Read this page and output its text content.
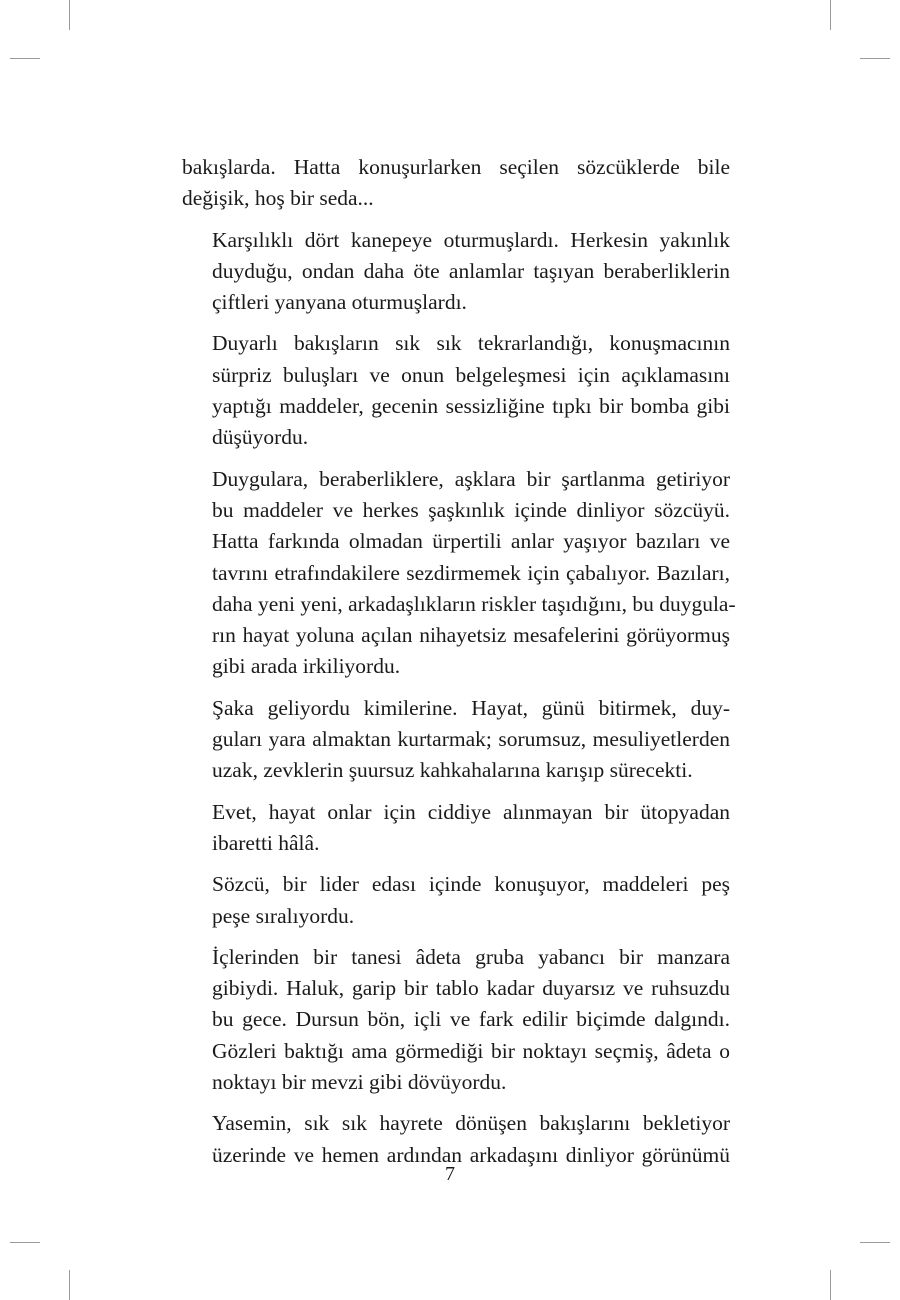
bakışlarda. Hatta konuşurlarken seçilen sözcüklerde bile
değişik, hoş bir seda...

Karşılıklı dört kanepeye oturmuşlardı. Herkesin yakınlık
duyduğu, ondan daha öte anlamlar taşıyan beraberliklerin
çiftleri yanyana oturmuşlardı.

Duyarlı bakışların sık sık tekrarlandığı, konuşmacının
sürpriz buluşları ve onun belgeleşmesi için açıklamasını
yaptığı maddeler, gecenin sessizliğine tıpkı bir bomba gibi
düşüyordu.

Duygulara, beraberliklere, aşklara bir şartlanma getiriyor
bu maddeler ve herkes şaşkınlık içinde dinliyor sözcüyü.
Hatta farkında olmadan ürpertili anlar yaşıyor bazıları ve
tavrını etrafındakilere sezdirmemek için çabalıyor. Bazıları,
daha yeni yeni, arkadaşlıkların riskler taşıdığını, bu duygula-
rın hayat yoluna açılan nihayetsiz mesafelerini görüyormuş
gibi arada irkiliyordu.

Şaka geliyordu kimilerine. Hayat, günü bitirmek, duy-
guları yara almaktan kurtarmak; sorumsuz, mesuliyetlerden
uzak, zevklerin şuursuz kahkahalarına karışıp sürecekti.

Evet, hayat onlar için ciddiye alınmayan bir ütopyadan
ibaretti hâlâ.

Sözcü, bir lider edası içinde konuşuyor, maddeleri peş
peşe sıralıyordu.

İçlerinden bir tanesi âdeta gruba yabancı bir manzara
gibiydi. Haluk, garip bir tablo kadar duyarsız ve ruhsuzdu
bu gece. Dursun bön, içli ve fark edilir biçimde dalgındı.
Gözleri baktığı ama görmediği bir noktayı seçmiş, âdeta o
noktayı bir mevzi gibi dövüyordu.

Yasemin, sık sık hayrete dönüşen bakışlarını bekletiyor
üzerinde ve hemen ardından arkadaşını dinliyor görünümü

7
